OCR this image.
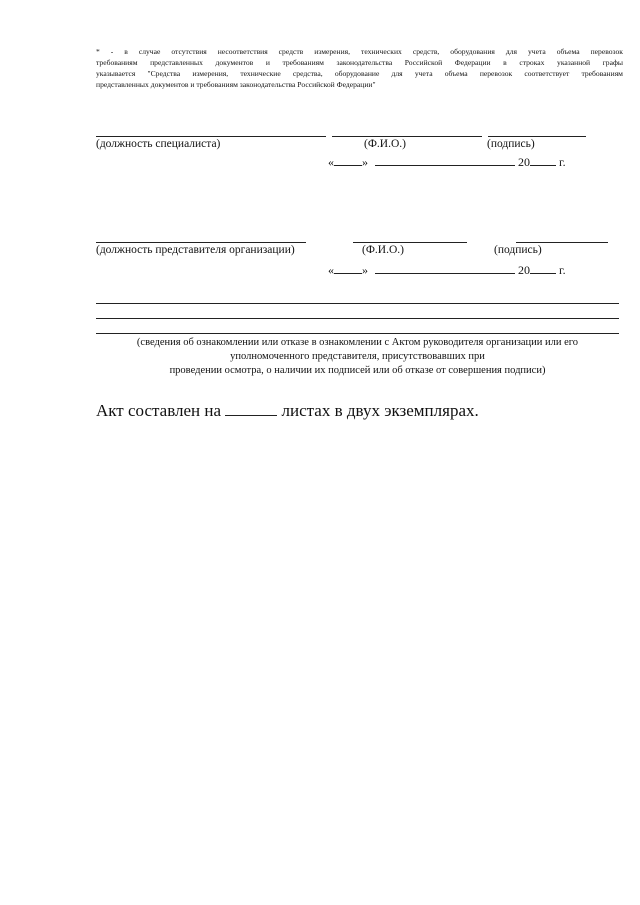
* - в случае отсутствия несоответствия средств измерения, технических средств, оборудования для учета объема перевозок
требованиям представленных документов и требованиям законодательства Российской Федерации в строках указанной графы
указывается "Средства измерения, технические средства, оборудование для учета объема перевозок соответствует требованиям

представленных документов и требованиям законодательства Российской Федерации"
(должность специалиста)	(Ф.И.О.)	(подпись)
« »	20 г.
(должность представителя организации)	(Ф.И.О.)	(подпись)
« »	20 г.
(сведения об ознакомлении или отказе в ознакомлении с Актом руководителя организации или его
уполномоченного представителя, присутствовавших при
проведении осмотра, о наличии их подписей или об отказе от совершения подписи)
Акт составлен на	листах в двух экземплярах.
